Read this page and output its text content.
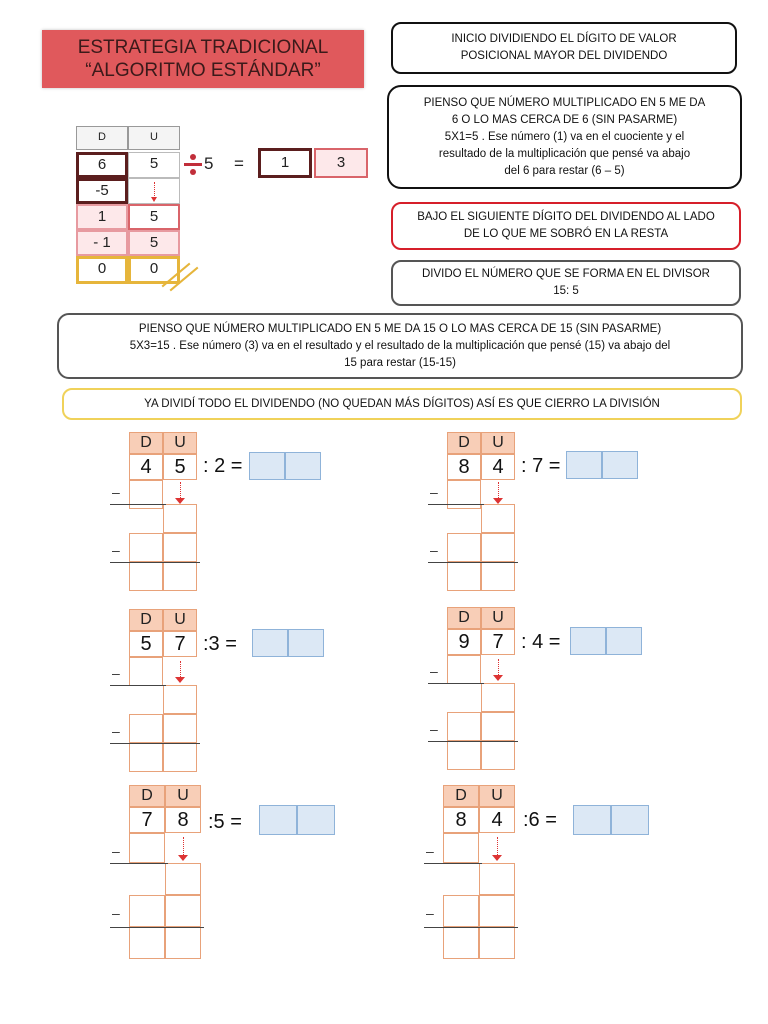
ESTRATEGIA TRADICIONAL
“ALGORITMO ESTÁNDAR”
INICIO DIVIDIENDO EL DÍGITO DE VALOR
POSICIONAL MAYOR DEL DIVIDENDO
PIENSO QUE NÚMERO MULTIPLICADO EN 5 ME DA
6 O LO MAS CERCA DE 6 (SIN PASARME)
5X1=5 . Ese número (1) va en el cuociente y el
resultado de la multiplicación que pensé va abajo
del 6 para restar (6 – 5)
BAJO EL SIGUIENTE DÍGITO DEL DIVIDENDO AL LADO
DE LO QUE ME SOBRÓ EN LA RESTA
DIVIDO EL NÚMERO QUE SE FORMA EN EL DIVISOR
15: 5
PIENSO QUE NÚMERO MULTIPLICADO EN 5 ME DA 15 O LO MAS CERCA DE 15 (SIN PASARME)
5X3=15 . Ese número (3) va en el resultado y el resultado de la multiplicación que pensé (15) va abajo del
15 para restar (15-15)
YA DIVIDÍ TODO EL DIVIDENDO (NO QUEDAN MÁS DÍGITOS) ASÍ ES QUE CIERRO LA DIVISIÓN
D	U
6	5
-5
1	5
- 1	5
0	0
5 =	1	3
D	U
4	5 : 2 =
–
–
D	U
8	4 : 7 =
–
–
D	U
5	7 :3 =
–
–
D	U
9	7 : 4 =
–
–
D	U
7	8 :5 =
–
–
D	U
8	4	:6 =
–
–
